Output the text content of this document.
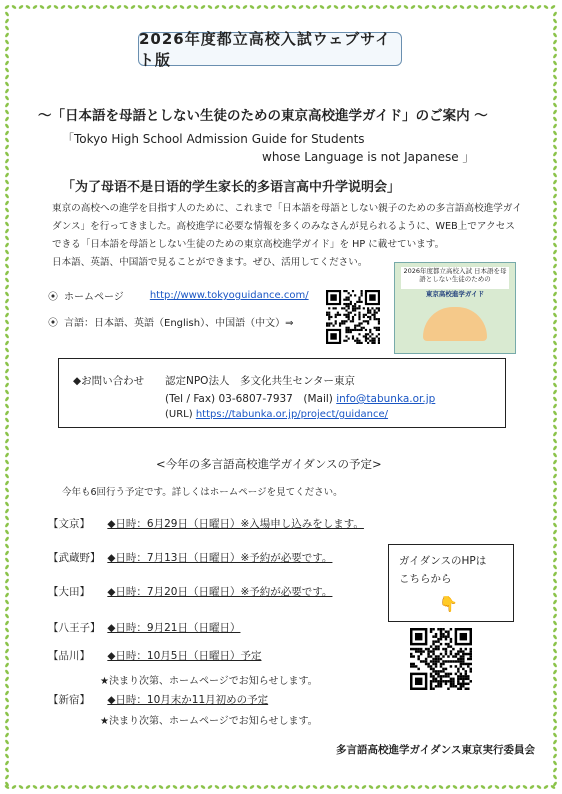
2026年度都立高校入試ウェブサイト版
〜「日本語を母語としない生徒のための東京高校進学ガイド」のご案内 〜
「Tokyo High School Admission Guide for Students
whose Language is not Japanese 」
「为了母语不是日语的学生家长的多语言高中升学说明会」

東京の高校への進学を目指す人のために、これまで「日本語を母語としない親子のための多言語高校進学ガイダンス」を行ってきました。高校進学に必要な情報を多くのみなさんが見られるように、WEB上でアクセスできる「日本語を母語としない生徒のための東京高校進学ガイド」を HP に載せています。

日本語、英語、中国語で見ることができます。ぜひ、活用してください。

⦿ ホームページ	http://www.tokyoguidance.com/
⦿ 言語：日本語、英語（English）、中国語（中文）⇒
2026年度都立高校入試 日本語を母語としない生徒のための
東京高校進学ガイド
◆お問い合わせ 認定NPO法人　多文化共生センター東京
(Tel / Fax) 03-6807-7937　(Mail) info@tabunka.or.jp
(URL) https://tabunka.or.jp/project/guidance/
<今年の多言語高校進学ガイダンスの予定>
今年も6回行う予定です。詳しくはホームページを見てください。
【文京】 ◆日時：6月29日（日曜日）※入場申し込みをします。
【武蔵野】 ◆日時：7月13日（日曜日）※予約が必要です。
【大田】 ◆日時：7月20日（日曜日）※予約が必要です。
【八王子】 ◆日時：9月21日（日曜日）
【品川】 ◆日時：10月5日（日曜日）予定
★決まり次第、ホームページでお知らせします。
【新宿】 ◆日時：10月末か11月初めの予定
★決まり次第、ホームページでお知らせします。
ガイダンスのHPは
こちらから
👇
多言語高校進学ガイダンス東京実行委員会
